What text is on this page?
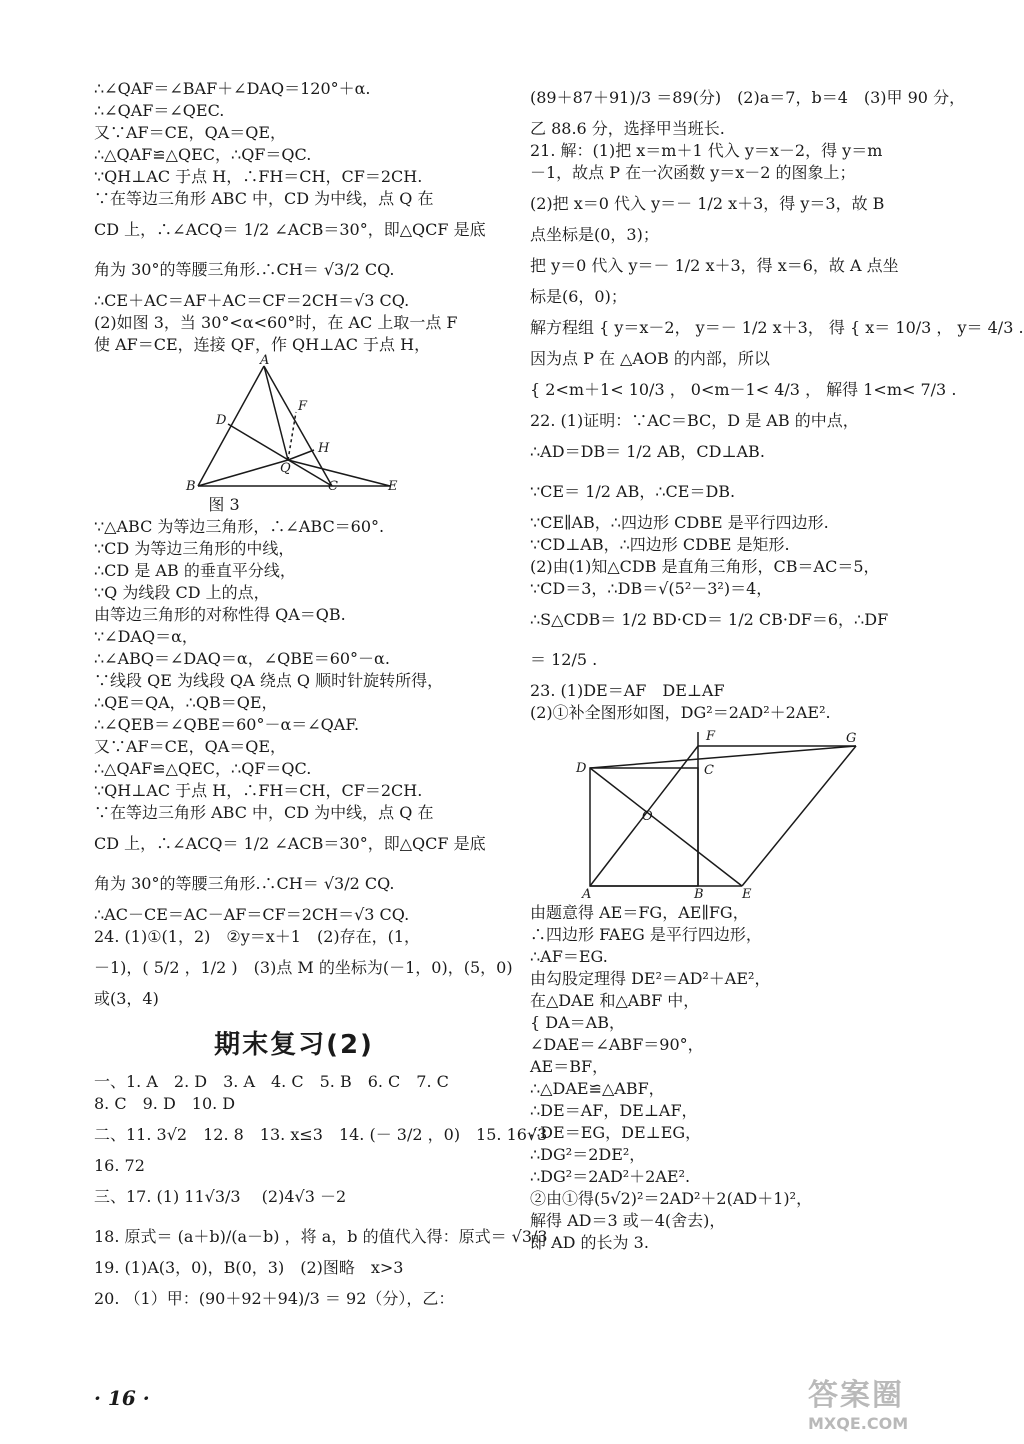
∴∠QAF＝∠BAF＋∠DAQ＝120°＋α.
∴∠QAF＝∠QEC.
又∵AF＝CE，QA＝QE，
∴△QAF≌△QEC，∴QF＝QC.
∵QH⊥AC 于点 H，∴FH＝CH，CF＝2CH.
∵在等边三角形 ABC 中，CD 为中线，点 Q 在
CD 上，∴∠ACQ＝ 1/2 ∠ACB＝30°，即△QCF 是底
角为 30°的等腰三角形.∴CH＝ √3/2 CQ.
∴CE＋AC＝AF＋AC＝CF＝2CH＝√3 CQ.
(2)如图 3，当 30°<α<60°时，在 AC 上取一点 F
使 AF＝CE，连接 QF，作 QH⊥AC 于点 H，
A
D
F
H
Q
B	C	E
图 3
∵△ABC 为等边三角形，∴∠ABC＝60°.
∵CD 为等边三角形的中线，
∴CD 是 AB 的垂直平分线，
∵Q 为线段 CD 上的点，
由等边三角形的对称性得 QA＝QB.
∵∠DAQ＝α，
∴∠ABQ＝∠DAQ＝α，∠QBE＝60°－α.
∵线段 QE 为线段 QA 绕点 Q 顺时针旋转所得，
∴QE＝QA，∴QB＝QE，
∴∠QEB＝∠QBE＝60°－α＝∠QAF.
又∵AF＝CE，QA＝QE，
∴△QAF≌△QEC，∴QF＝QC.
∵QH⊥AC 于点 H，∴FH＝CH，CF＝2CH.
∵在等边三角形 ABC 中，CD 为中线，点 Q 在
CD 上，∴∠ACQ＝ 1/2 ∠ACB＝30°，即△QCF 是底
角为 30°的等腰三角形.∴CH＝ √3/2 CQ.
∴AC－CE＝AC－AF＝CF＝2CH＝√3 CQ.
24. (1)①(1，2)　②y＝x＋1　(2)存在，(1，
－1)，( 5/2 ，1/2 )　(3)点 M 的坐标为(－1，0)，(5，0)
或(3，4)
期末复习(2)
一、1. A　2. D　3. A　4. C　5. B　6. C　7. C
8. C　9. D　10. D
二、11. 3√2　12. 8　13. x≤3　14. (－ 3/2 ，0)　15. 16√3
16. 72
三、17. (1) 11√3/3 　(2)4√3 －2
18. 原式＝ (a＋b)/(a－b) ，将 a，b 的值代入得：原式＝ √3/3 .
19. (1)A(3，0)，B(0，3)　(2)图略　x>3
20. （1）甲：(90＋92＋94)/3 ＝ 92（分），乙：
(89＋87＋91)/3 ＝89(分)　(2)a＝7，b＝4　(3)甲 90 分，
乙 88.6 分，选择甲当班长.
21. 解：(1)把 x＝m＋1 代入 y＝x－2，得 y＝m
－1，故点 P 在一次函数 y＝x－2 的图象上；
(2)把 x＝0 代入 y＝－ 1/2 x＋3，得 y＝3，故 B
点坐标是(0，3)；
把 y＝0 代入 y＝－ 1/2 x＋3，得 x＝6，故 A 点坐
标是(6，0)；
解方程组 { y＝x－2， y＝－ 1/2 x＋3， 得 { x＝ 10/3 ， y＝ 4/3 .
因为点 P 在 △AOB 的内部，所以
{ 2<m＋1< 10/3 ， 0<m－1< 4/3 ， 解得 1<m< 7/3 .
22. (1)证明：∵AC＝BC，D 是 AB 的中点，
∴AD＝DB＝ 1/2 AB，CD⊥AB.
∵CE＝ 1/2 AB，∴CE＝DB.
∵CE∥AB，∴四边形 CDBE 是平行四边形.
∵CD⊥AB，∴四边形 CDBE 是矩形.
(2)由(1)知△CDB 是直角三角形，CB＝AC＝5，
∵CD＝3，∴DB＝√(5²－3²)＝4，
∴S△CDB＝ 1/2 BD·CD＝ 1/2 CB·DF＝6，∴DF
＝ 12/5 .
23. (1)DE＝AF　DE⊥AF
(2)①补全图形如图，DG²＝2AD²＋2AE².
D
F	G
C
O
A	B	E
由题意得 AE＝FG，AE∥FG，
∴四边形 FAEG 是平行四边形，
∴AF＝EG.
由勾股定理得 DE²＝AD²＋AE²，
在△DAE 和△ABF 中，
{ DA＝AB，
∠DAE＝∠ABF＝90°，
AE＝BF，
∴△DAE≌△ABF，
∴DE＝AF，DE⊥AF，
∴DE＝EG，DE⊥EG，
∴DG²＝2DE²，
∴DG²＝2AD²＋2AE².
②由①得(5√2)²＝2AD²＋2(AD＋1)²，
解得 AD＝3 或－4(舍去)，
即 AD 的长为 3.
· 16 ·	答案圈
MXQE.COM
